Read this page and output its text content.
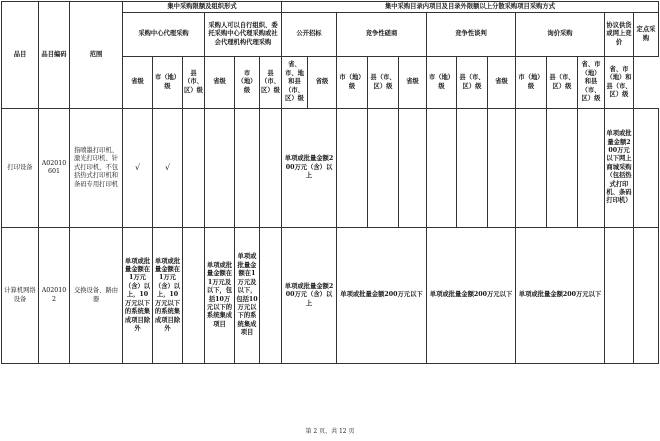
品目	品目编码	范围	集中采购限额及组织形式						集中采购目录内项目及目录外限额以上分散采购项目采购方式												
			采购中心代理采购			采购人可以自行组织、委托采购中心代理采购或社会代理机构代理采购			公开招标		竞争性磋商			竞争性谈判			询价采购			协议供货或网上竞价	定点采购
			省级	市（地）级	县（市、区）级	省级	市（地）级	县（市、区）级	省、市、地和县（市、区）级	省级	市（地）级	县（市、区）级	省级	市（地）级	县（市、区）级	省级	市（地）级	县（市、区）级	省、市（地）和县（市、区）级	省、市（地）和县（市、区）级	
打印设备	A02010601	指喷墨打印机、激光打印机、针式打印机，不包括热式打印机和条码专用打印机	√	√					单项或批量金额200万元（含）以上											单项或批量金额200万元以下网上商城采购（包括热式打印机、条码打印机）	
计算机网络设备	A020102	交换设备、路由器	单项或批量金额在1万元（含）以上，10万元以下的系统集成项目除外	单项或批量金额在1万元（含）以上，10万元以下的系统集成项目除外		单项或批量金额在1万元及以下，包括10万元以下的系统集成项目	单项或批量金额在1万元及以下，包括10万元以下的系统集成项目		单项或批量金额200万元（含）以上		单项或批量金额200万元以下			单项或批量金额200万元以下			单项或批量金额200万元以下				
第 2 页，共 12 页
